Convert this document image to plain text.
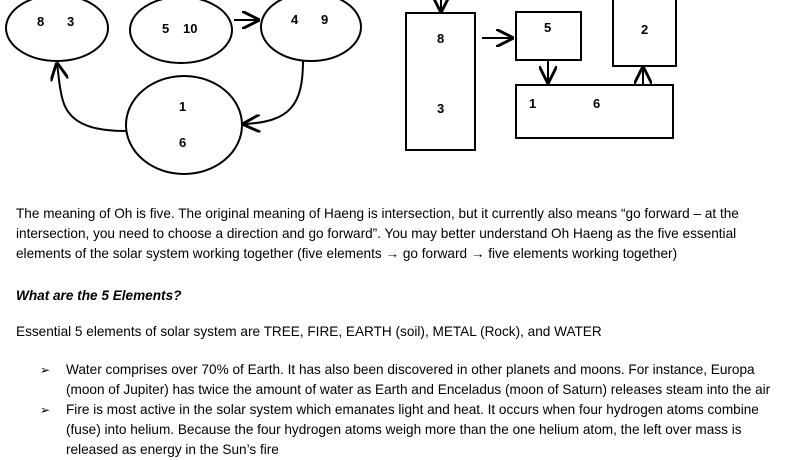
8 3	5 10
4 9
1
6
8
3
5
1	6
2

The meaning of Oh is five. The original meaning of Haeng is intersection, but it currently also means “go forward – at the intersection, you need to choose a direction and go forward”. You may better understand Oh Haeng as the five essential elements of the solar system working together (five elements → go forward → five elements working together)

What are the 5 Elements?

Essential 5 elements of solar system are TREE, FIRE, EARTH (soil), METAL (Rock), and WATER

➢ Water comprises over 70% of Earth. It has also been discovered in other planets and moons. For instance, Europa (moon of Jupiter) has twice the amount of water as Earth and Enceladus (moon of Saturn) releases steam into the air
➢ Fire is most active in the solar system which emanates light and heat. It occurs when four hydrogen atoms combine (fuse) into helium. Because the four hydrogen atoms weigh more than the one helium atom, the left over mass is released as energy in the Sun’s fire
